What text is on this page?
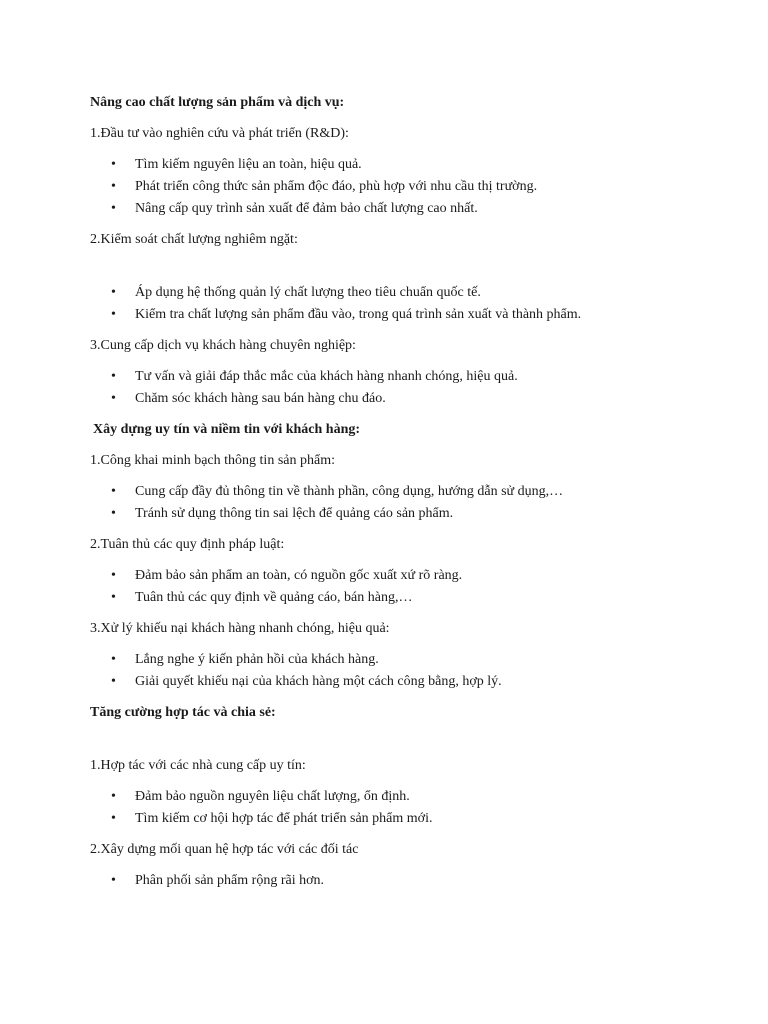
Nâng cao chất lượng sản phẩm và dịch vụ:

1.Đầu tư vào nghiên cứu và phát triển (R&D):

• Tìm kiếm nguyên liệu an toàn, hiệu quả.
• Phát triển công thức sản phẩm độc đáo, phù hợp với nhu cầu thị trường.
• Nâng cấp quy trình sản xuất để đảm bảo chất lượng cao nhất.

2.Kiểm soát chất lượng nghiêm ngặt:

• Áp dụng hệ thống quản lý chất lượng theo tiêu chuẩn quốc tế.
• Kiểm tra chất lượng sản phẩm đầu vào, trong quá trình sản xuất và thành phẩm.

3.Cung cấp dịch vụ khách hàng chuyên nghiệp:

• Tư vấn và giải đáp thắc mắc của khách hàng nhanh chóng, hiệu quả.
• Chăm sóc khách hàng sau bán hàng chu đáo.

Xây dựng uy tín và niềm tin với khách hàng:

1.Công khai minh bạch thông tin sản phẩm:

• Cung cấp đầy đủ thông tin về thành phần, công dụng, hướng dẫn sử dụng,…
• Tránh sử dụng thông tin sai lệch để quảng cáo sản phẩm.

2.Tuân thủ các quy định pháp luật:

• Đảm bảo sản phẩm an toàn, có nguồn gốc xuất xứ rõ ràng.
• Tuân thủ các quy định về quảng cáo, bán hàng,…

3.Xử lý khiếu nại khách hàng nhanh chóng, hiệu quả:

• Lắng nghe ý kiến phản hồi của khách hàng.
• Giải quyết khiếu nại của khách hàng một cách công bằng, hợp lý.

Tăng cường hợp tác và chia sẻ:

1.Hợp tác với các nhà cung cấp uy tín:

• Đảm bảo nguồn nguyên liệu chất lượng, ổn định.
• Tìm kiếm cơ hội hợp tác để phát triển sản phẩm mới.

2.Xây dựng mối quan hệ hợp tác với các đối tác

• Phân phối sản phẩm rộng rãi hơn.
